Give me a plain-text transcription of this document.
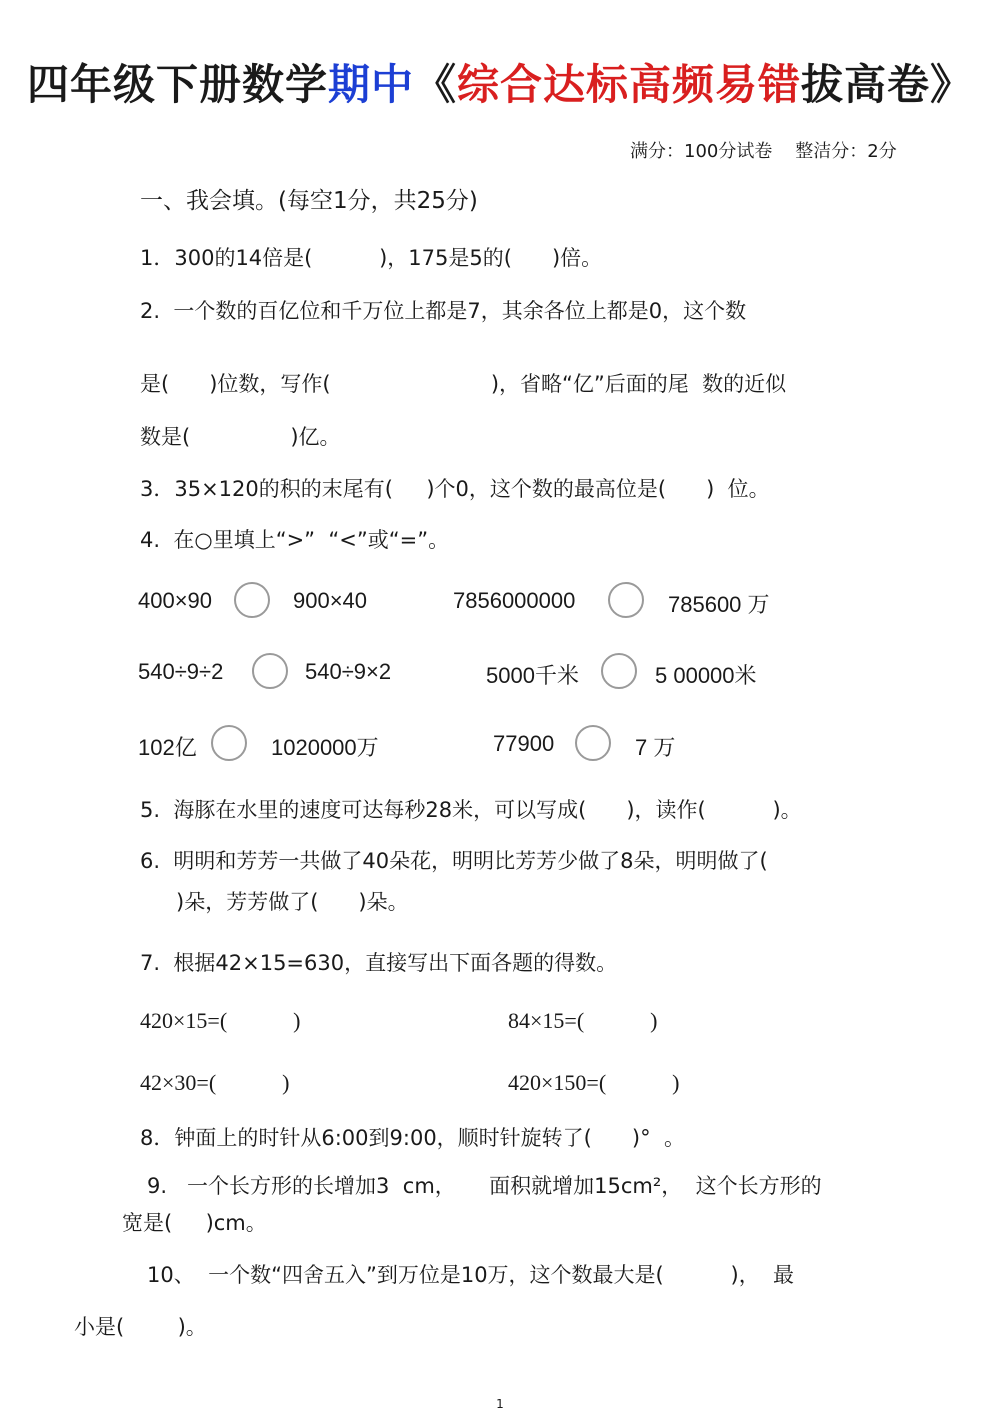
四年级下册数学期中《综合达标高频易错拔高卷》
满分：100分试卷    整洁分：2分
一、我会填。(每空1分，共25分)
1．300的14倍是(          )，175是5的(      )倍。
2.  一个数的百亿位和千万位上都是7，其余各位上都是0，这个数
是(      )位数，写作(                        )，省略“亿”后面的尾  数的近似
数是(               )亿。
3．35×120的积的末尾有(     )个0，这个数的最高位是(      )  位。
4.  在○里填上“>”  “<”或“=”。
400×90	900×40	7856000000	785600 万
540÷9÷2	540÷9×2	5000千米	5 00000米
102亿	1020000万	77900	7 万
5.  海豚在水里的速度可达每秒28米，可以写成(      )，读作(          )。
6.  明明和芳芳一共做了40朵花，明明比芳芳少做了8朵，明明做了(
)朵，芳芳做了(      )朵。
7.  根据42×15=630，直接写出下面各题的得数。
420×15=(            )	84×15=(            )
42×30=(            )	420×150=(            )
8．钟面上的时针从6:00到9:00，顺时针旋转了(      )°  。
9.   一个长方形的长增加3  cm，     面积就增加15cm²，  这个长方形的
宽是(     )cm。
10、  一个数“四舍五入”到万位是10万，这个数最大是(          )，  最
小是(        )。
1
